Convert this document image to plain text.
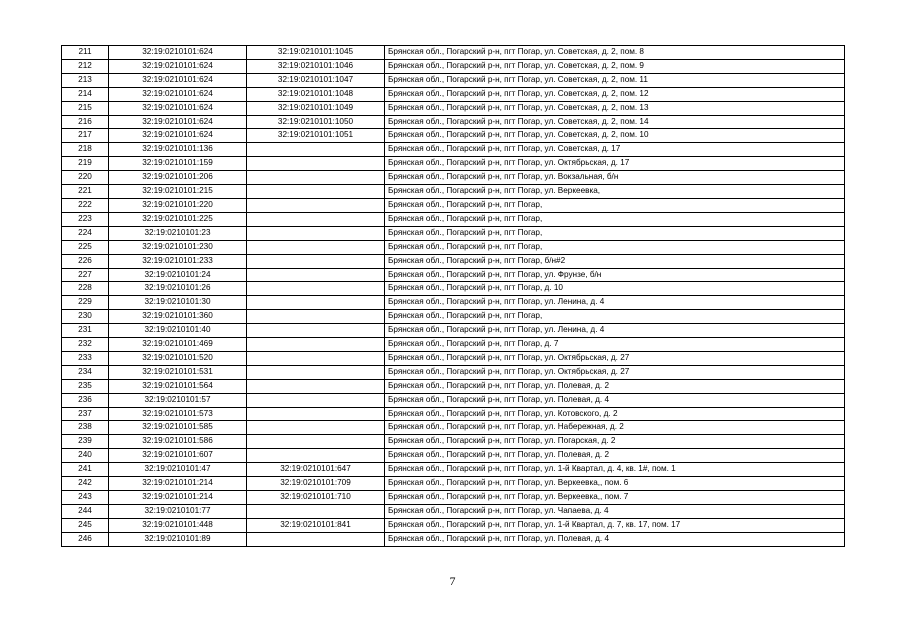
211	32:19:0210101:624	32:19:0210101:1045	Брянская обл., Погарский р-н, пгт Погар, ул. Советская, д. 2, пом. 8
212	32:19:0210101:624	32:19:0210101:1046	Брянская обл., Погарский р-н, пгт Погар, ул. Советская, д. 2, пом. 9
213	32:19:0210101:624	32:19:0210101:1047	Брянская обл., Погарский р-н, пгт Погар, ул. Советская, д. 2, пом. 11
214	32:19:0210101:624	32:19:0210101:1048	Брянская обл., Погарский р-н, пгт Погар, ул. Советская, д. 2, пом. 12
215	32:19:0210101:624	32:19:0210101:1049	Брянская обл., Погарский р-н, пгт Погар, ул. Советская, д. 2, пом. 13
216	32:19:0210101:624	32:19:0210101:1050	Брянская обл., Погарский р-н, пгт Погар, ул. Советская, д. 2, пом. 14
217	32:19:0210101:624	32:19:0210101:1051	Брянская обл., Погарский р-н, пгт Погар, ул. Советская, д. 2, пом. 10
218	32:19:0210101:136		Брянская обл., Погарский р-н, пгт Погар, ул. Советская, д. 17
219	32:19:0210101:159		Брянская обл., Погарский р-н, пгт Погар, ул. Октябрьская, д. 17
220	32:19:0210101:206		Брянская обл., Погарский р-н, пгт Погар, ул. Вокзальная, б/н
221	32:19:0210101:215		Брянская обл., Погарский р-н, пгт Погар, ул. Веркеевка,
222	32:19:0210101:220		Брянская обл., Погарский р-н, пгт Погар,
223	32:19:0210101:225		Брянская обл., Погарский р-н, пгт Погар,
224	32:19:0210101:23		Брянская обл., Погарский р-н, пгт Погар,
225	32:19:0210101:230		Брянская обл., Погарский р-н, пгт Погар,
226	32:19:0210101:233		Брянская обл., Погарский р-н, пгт Погар, б/н#2
227	32:19:0210101:24		Брянская обл., Погарский р-н, пгт Погар, ул. Фрунзе, б/н
228	32:19:0210101:26		Брянская обл., Погарский р-н, пгт Погар, д. 10
229	32:19:0210101:30		Брянская обл., Погарский р-н, пгт Погар, ул. Ленина, д. 4
230	32:19:0210101:360		Брянская обл., Погарский р-н, пгт Погар,
231	32:19:0210101:40		Брянская обл., Погарский р-н, пгт Погар, ул. Ленина, д. 4
232	32:19:0210101:469		Брянская обл., Погарский р-н, пгт Погар, д. 7
233	32:19:0210101:520		Брянская обл., Погарский р-н, пгт Погар, ул. Октябрьская, д. 27
234	32:19:0210101:531		Брянская обл., Погарский р-н, пгт Погар, ул. Октябрьская, д. 27
235	32:19:0210101:564		Брянская обл., Погарский р-н, пгт Погар, ул. Полевая, д. 2
236	32:19:0210101:57		Брянская обл., Погарский р-н, пгт Погар, ул. Полевая, д. 4
237	32:19:0210101:573		Брянская обл., Погарский р-н, пгт Погар, ул. Котовского, д. 2
238	32:19:0210101:585		Брянская обл., Погарский р-н, пгт Погар, ул. Набережная, д. 2
239	32:19:0210101:586		Брянская обл., Погарский р-н, пгт Погар, ул. Погарская, д. 2
240	32:19:0210101:607		Брянская обл., Погарский р-н, пгт Погар, ул. Полевая, д. 2
241	32:19:0210101:47	32:19:0210101:647	Брянская обл., Погарский р-н, пгт Погар, ул. 1-й Квартал, д. 4, кв. 1#, пом. 1
242	32:19:0210101:214	32:19:0210101:709	Брянская обл., Погарский р-н, пгт Погар, ул. Веркеевка,, пом. 6
243	32:19:0210101:214	32:19:0210101:710	Брянская обл., Погарский р-н, пгт Погар, ул. Веркеевка,, пом. 7
244	32:19:0210101:77		Брянская обл., Погарский р-н, пгт Погар, ул. Чапаева, д. 4
245	32:19:0210101:448	32:19:0210101:841	Брянская обл., Погарский р-н, пгт Погар, ул. 1-й Квартал, д. 7, кв. 17, пом. 17
246	32:19:0210101:89		Брянская обл., Погарский р-н, пгт Погар, ул. Полевая, д. 4
7
